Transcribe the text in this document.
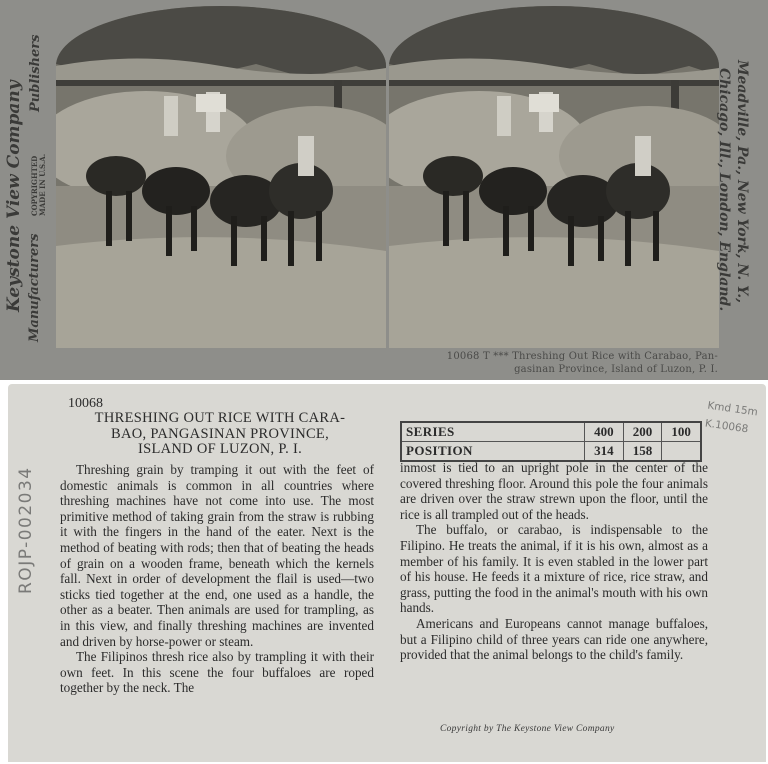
Keystone View Company Manufacturers
COPYRIGHTED MADE IN U.S.A.
Publishers	Meadville, Pa., New York, N. Y.,
Chicago, Ill., London, England.
10068 T *** Threshing Out Rice with Carabao, Pan-
gasinan Province, Island of Luzon, P. I.
10068
THRESHING OUT RICE WITH CARA-
BAO, PANGASINAN PROVINCE,
ISLAND OF LUZON, P. I.
SERIES	400	200	100
POSITION	314	158	

Threshing grain by tramping it out with the feet of domestic animals is common in all countries where threshing machines have not come into use. The most primitive method of taking grain from the straw is rubbing it with the fingers in the hand of the eater. Next is the method of beating with rods; then that of beating the heads of grain on a wooden frame, beneath which the kernels fall. Next in order of development the flail is used—two sticks tied together at the end, one used as a handle, the other as a beater. Then animals are used for trampling, as in this view, and finally threshing machines are invented and driven by horse-power or steam.

The Filipinos thresh rice also by trampling it with their own feet. In this scene the four buffaloes are roped together by the neck. The

inmost is tied to an upright pole in the center of the covered threshing floor. Around this pole the four animals are driven over the straw strewn upon the floor, until the rice is all trampled out of the heads.

The buffalo, or carabao, is indispensable to the Filipino. He treats the animal, if it is his own, almost as a member of his family. It is even stabled in the lower part of his house. He feeds it a mixture of rice, rice straw, and grass, putting the food in the animal's mouth with his own hands.

Americans and Europeans cannot manage buffaloes, but a Filipino child of three years can ride one anywhere, provided that the animal belongs to the child's family.

Copyright by The Keystone View Company
ROJP-002034
Kmd 15m
K.10068
